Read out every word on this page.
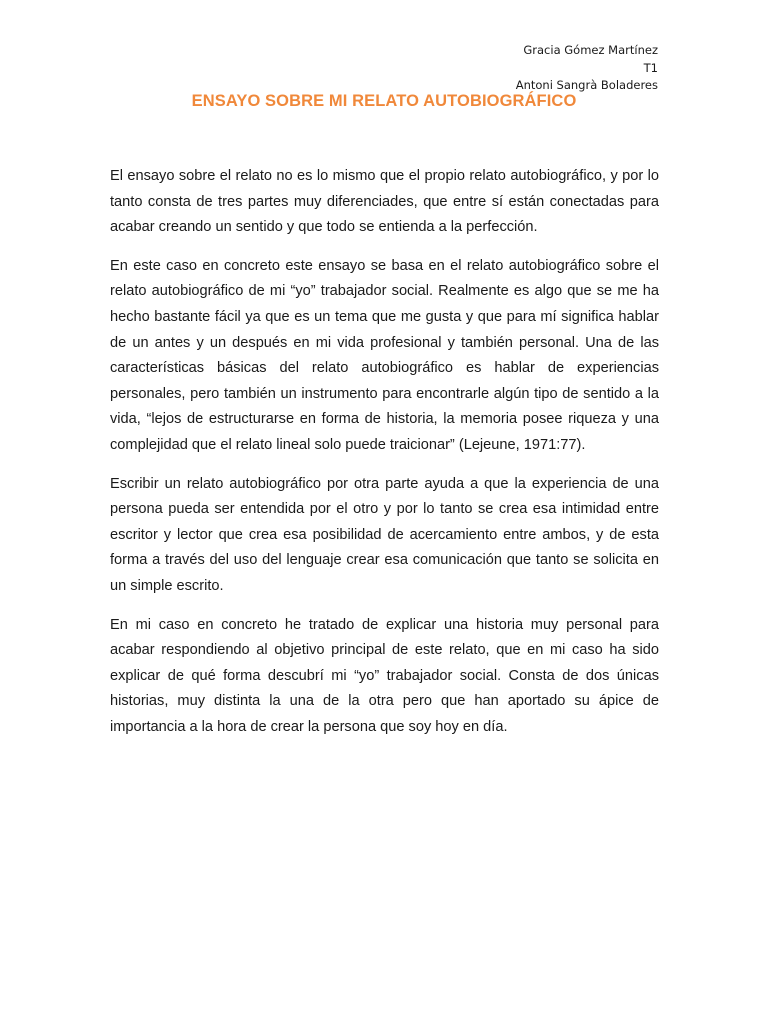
Gracia Gómez Martínez
T1
Antoni Sangrà Boladeres
ENSAYO SOBRE MI RELATO AUTOBIOGRÁFICO

El ensayo sobre el relato no es lo mismo que el propio relato autobiográfico, y por lo tanto consta de tres partes muy diferenciades, que entre sí están conectadas para acabar creando un sentido y que todo se entienda a la perfección.

En este caso en concreto este ensayo se basa en el relato autobiográfico sobre el relato autobiográfico de mi “yo” trabajador social. Realmente es algo que se me ha hecho bastante fácil ya que es un tema que me gusta y que para mí significa hablar de un antes y un después en mi vida profesional y también personal. Una de las características básicas del relato autobiográfico es hablar de experiencias personales, pero también un instrumento para encontrarle algún tipo de sentido a la vida, “lejos de estructurarse en forma de historia, la memoria posee riqueza y una complejidad que el relato lineal solo puede traicionar” (Lejeune, 1971:77).

Escribir un relato autobiográfico por otra parte ayuda a que la experiencia de una persona pueda ser entendida por el otro y por lo tanto se crea esa intimidad entre escritor y lector que crea esa posibilidad de acercamiento entre ambos, y de esta forma a través del uso del lenguaje crear esa comunicación que tanto se solicita en un simple escrito.

En mi caso en concreto he tratado de explicar una historia muy personal para acabar respondiendo al objetivo principal de este relato, que en mi caso ha sido explicar de qué forma descubrí mi “yo” trabajador social. Consta de dos únicas historias, muy distinta la una de la otra pero que han aportado su ápice de importancia a la hora de crear la persona que soy hoy en día.
